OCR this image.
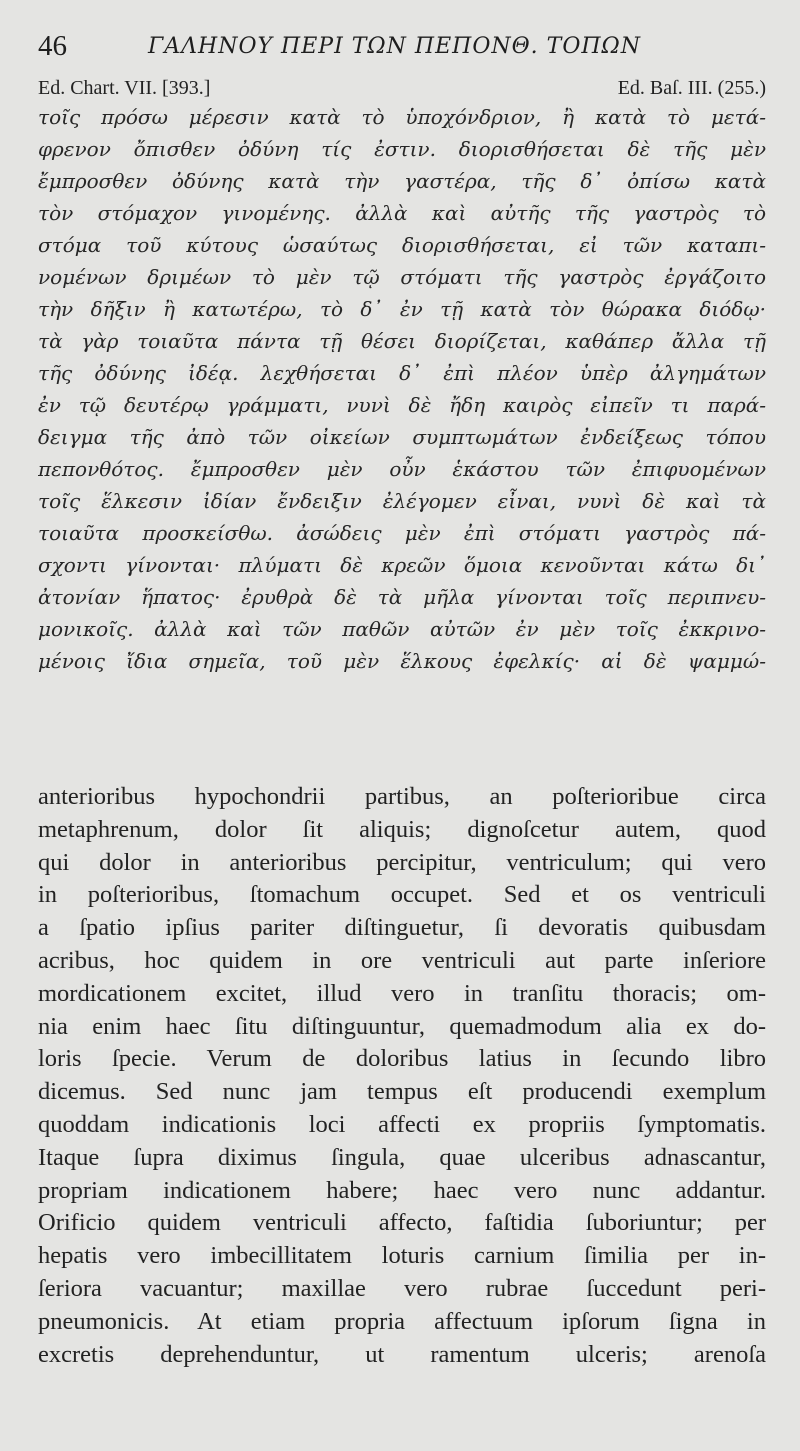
46	ΓΑΛΗΝΟΥ ΠΕΡΙ ΤΩΝ ΠΕΠΟΝΘ. ΤΟΠΩΝ
Ed. Chart. VII. [393.]	Ed. Baſ. III. (255.)
τοῖς πρόσω μέρεσιν κατὰ τὸ ὑποχόνδριον, ἢ κατὰ τὸ μετά-
φρενον ὄπισθεν ὀδύνη τίς ἐστιν. διορισθήσεται δὲ τῆς μὲν
ἔμπροσθεν ὀδύνης κατὰ τὴν γαστέρα, τῆς δ᾿ ὀπίσω κατὰ
τὸν στόμαχον γινομένης. ἀλλὰ καὶ αὐτῆς τῆς γαστρὸς τὸ
στόμα τοῦ κύτους ὡσαύτως διορισθήσεται, εἰ τῶν καταπι-
νομένων δριμέων τὸ μὲν τῷ στόματι τῆς γαστρὸς ἐργάζοιτο
τὴν δῆξιν ἢ κατωτέρω, τὸ δ᾿ ἐν τῇ κατὰ τὸν θώρακα διόδῳ·
τὰ γὰρ τοιαῦτα πάντα τῇ θέσει διορίζεται, καθάπερ ἄλλα τῇ
τῆς ὀδύνης ἰδέᾳ. λεχθήσεται δ᾿ ἐπὶ πλέον ὑπὲρ ἀλγημάτων
ἐν τῷ δευτέρῳ γράμματι, νυνὶ δὲ ἤδη καιρὸς εἰπεῖν τι παρά-
δειγμα τῆς ἀπὸ τῶν οἰκείων συμπτωμάτων ἐνδείξεως τόπου
πεπονθότος. ἔμπροσθεν μὲν οὖν ἑκάστου τῶν ἐπιφυομένων
τοῖς ἕλκεσιν ἰδίαν ἔνδειξιν ἐλέγομεν εἶναι, νυνὶ δὲ καὶ τὰ
τοιαῦτα προσκείσθω. ἀσώδεις μὲν ἐπὶ στόματι γαστρὸς πά-
σχοντι γίνονται· πλύματι δὲ κρεῶν ὅμοια κενοῦνται κάτω δι᾿
ἀτονίαν ἥπατος· ἐρυθρὰ δὲ τὰ μῆλα γίνονται τοῖς περιπνευ-
μονικοῖς. ἀλλὰ καὶ τῶν παθῶν αὐτῶν ἐν μὲν τοῖς ἐκκρινο-
μένοις ἴδια σημεῖα, τοῦ μὲν ἕλκους ἐφελκίς· αἱ δὲ ψαμμώ-
anterioribus hypochondrii partibus, an poſterioribue circa
metaphrenum, dolor ſit aliquis; dignoſcetur autem, quod
qui dolor in anterioribus percipitur, ventriculum; qui vero
in poſterioribus, ſtomachum occupet. Sed et os ventriculi
a ſpatio ipſius pariter diſtinguetur, ſi devoratis quibusdam
acribus, hoc quidem in ore ventriculi aut parte inſeriore
mordicationem excitet, illud vero in tranſitu thoracis; om-
nia enim haec ſitu diſtinguuntur, quemadmodum alia ex do-
loris ſpecie. Verum de doloribus latius in ſecundo libro
dicemus. Sed nunc jam tempus eſt producendi exemplum
quoddam indicationis loci affecti ex propriis ſymptomatis.
Itaque ſupra diximus ſingula, quae ulceribus adnascantur,
propriam indicationem habere; haec vero nunc addantur.
Orificio quidem ventriculi affecto, faſtidia ſuboriuntur; per
hepatis vero imbecillitatem loturis carnium ſimilia per in-
ſeriora vacuantur; maxillae vero rubrae ſuccedunt peri-
pneumonicis. At etiam propria affectuum ipſorum ſigna in
excretis deprehenduntur, ut ramentum ulceris; arenoſa
